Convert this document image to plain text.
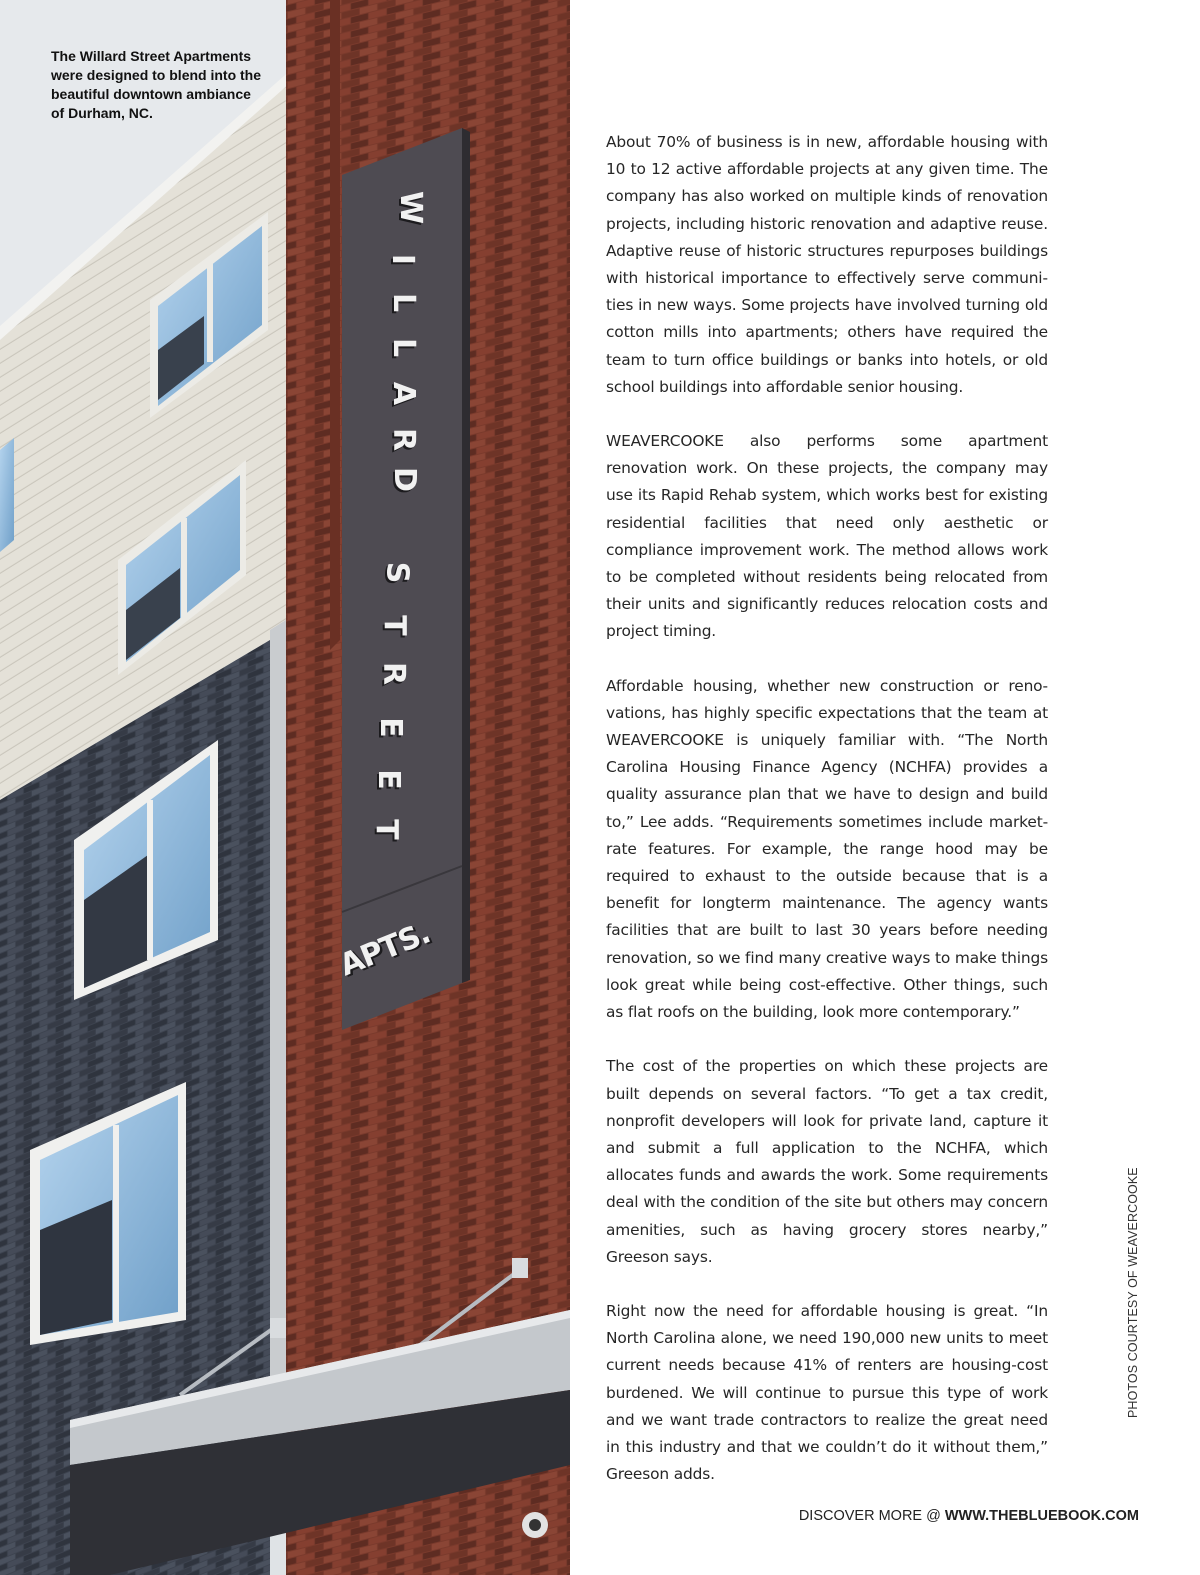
W
I
L
L
A
R
D
S
T
R
E
E
T
APTS.
The Willard Street Apartments
were designed to blend into the
beautiful downtown ambiance
of Durham, NC.

About 70% of business is in new, affordable housing with 10 to 12 active affordable projects at any given time. The company has also worked on multiple kinds of renovation projects, including historic renovation and adaptive reuse. Adaptive reuse of historic structures repurposes buildings with historical importance to effectively serve communities in new ways. Some projects have involved turning old cotton mills into apartments; others have required the team to turn office buildings or banks into hotels, or old school buildings into affordable senior housing.

WEAVERCOOKE also performs some apartment renovation work. On these projects, the company may use its Rapid Rehab system, which works best for existing residential facilities that need only aesthetic or compliance improvement work. The method allows work to be completed without residents being relocated from their units and significantly reduces relocation costs and project timing.

Affordable housing, whether new construction or renovations, has highly specific expectations that the team at WEAVERCOOKE is uniquely familiar with. “The North Carolina Housing Finance Agency (NCHFA) provides a quality assurance plan that we have to design and build to,” Lee adds. “Requirements sometimes include market-rate features. For example, the range hood may be required to exhaust to the outside because that is a benefit for longterm maintenance. The agency wants facilities that are built to last 30 years before needing renovation, so we find many creative ways to make things look great while being cost-effective. Other things, such as flat roofs on the building, look more contemporary.”

The cost of the properties on which these projects are built depends on several factors. “To get a tax credit, nonprofit developers will look for private land, capture it and submit a full application to the NCHFA, which allocates funds and awards the work. Some requirements deal with the condition of the site but others may concern amenities, such as having grocery stores nearby,” Greeson says.

Right now the need for affordable housing is great. “In North Carolina alone, we need 190,000 new units to meet current needs because 41% of renters are housing-cost burdened. We will continue to pursue this type of work and we want trade contractors to realize the great need in this industry and that we couldn’t do it without them,” Greeson adds.

PHOTOS COURTESY OF WEAVERCOOKE
DISCOVER MORE @ WWW.THEBLUEBOOK.COM
